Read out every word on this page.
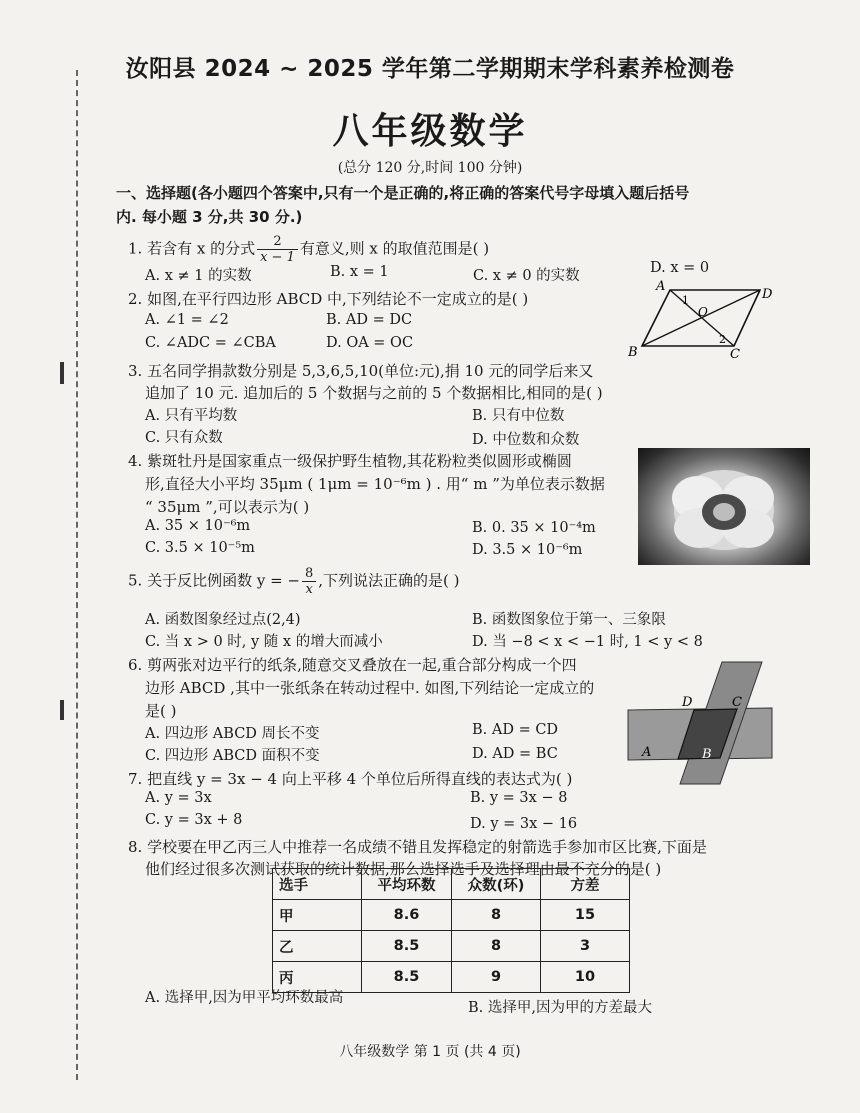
汝阳县 2024 ~ 2025 学年第二学期期末学科素养检测卷
八年级数学
(总分 120 分,时间 100 分钟)
一、选择题(各小题四个答案中,只有一个是正确的,将正确的答案代号字母填入题后括号
内. 每小题 3 分,共 30 分.)
1. 若含有 x 的分式 $\frac{2}{x - 1}$ 有意义,则 x 的取值范围是( )
A. x ≠ 1 的实数	B. x = 1	C. x ≠ 0 的实数	D. x = 0
2. 如图,在平行四边形 ABCD 中,下列结论不一定成立的是( )
A. ∠1 = ∠2	B. AD = DC
C. ∠ADC = ∠CBA	D. OA = OC
A
D
B	C
O
1
2
3. 五名同学捐款数分别是 5,3,6,5,10(单位:元),捐 10 元的同学后来又
追加了 10 元. 追加后的 5 个数据与之前的 5 个数据相比,相同的是( )
A. 只有平均数	B. 只有中位数
C. 只有众数	D. 中位数和众数
4. 紫斑牡丹是国家重点一级保护野生植物,其花粉粒类似圆形或椭圆
形,直径大小平均 35μm ( 1μm = 10⁻⁶m ) . 用“ m ”为单位表示数据
“ 35μm ”,可以表示为( )
A. 35 × 10⁻⁶m	B. 0. 35 × 10⁻⁴m
C. 3.5 × 10⁻⁵m	D. 3.5 × 10⁻⁶m
5. 关于反比例函数 y = − $\frac{8}{x}$ ,下列说法正确的是( )
A. 函数图象经过点(2,4)	B. 函数图象位于第一、三象限
C. 当 x > 0 时, y 随 x 的增大而减小	D. 当 −8 < x < −1 时, 1 < y < 8
6. 剪两张对边平行的纸条,随意交叉叠放在一起,重合部分构成一个四
边形 ABCD ,其中一张纸条在转动过程中. 如图,下列结论一定成立的
是( )
A. 四边形 ABCD 周长不变	B. AD = CD
C. 四边形 ABCD 面积不变	D. AD = BC
D	C
A	B
7. 把直线 y = 3x − 4 向上平移 4 个单位后所得直线的表达式为( )
A. y = 3x	B. y = 3x − 8
C. y = 3x + 8	D. y = 3x − 16
8. 学校要在甲乙丙三人中推荐一名成绩不错且发挥稳定的射箭选手参加市区比赛,下面是
他们经过很多次测试获取的统计数据,那么选择选手及选择理由最不充分的是( )
选手	平均环数	众数(环)	方差
甲	8.6	8	15
乙	8.5	8	3
丙	8.5	9	10
A. 选择甲,因为甲平均环数最高
B. 选择甲,因为甲的方差最大
八年级数学 第 1 页 (共 4 页)
